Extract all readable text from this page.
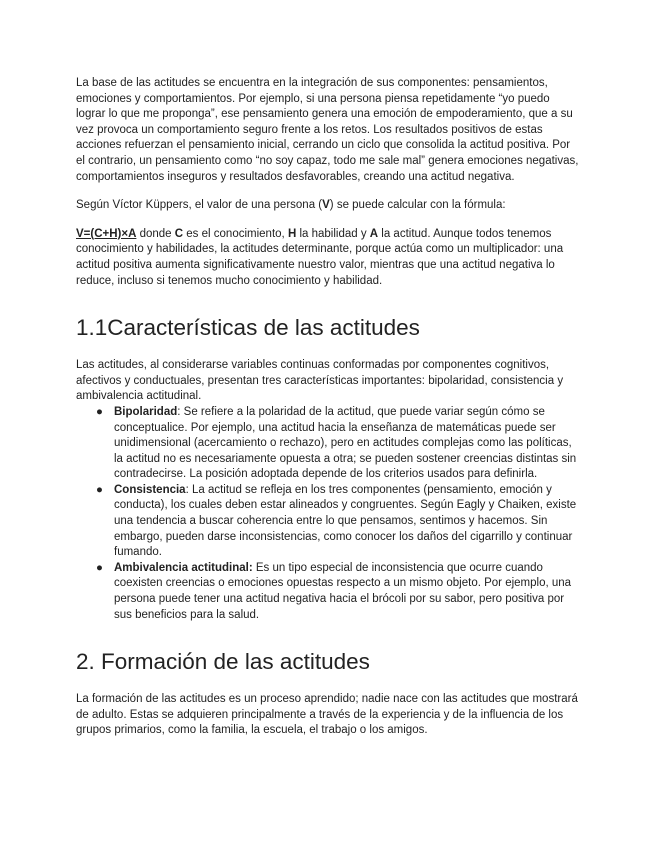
La base de las actitudes se encuentra en la integración de sus componentes: pensamientos, emociones y comportamientos. Por ejemplo, si una persona piensa repetidamente “yo puedo lograr lo que me proponga”, ese pensamiento genera una emoción de empoderamiento, que a su vez provoca un comportamiento seguro frente a los retos. Los resultados positivos de estas acciones refuerzan el pensamiento inicial, cerrando un ciclo que consolida la actitud positiva. Por el contrario, un pensamiento como “no soy capaz, todo me sale mal” genera emociones negativas, comportamientos inseguros y resultados desfavorables, creando una actitud negativa.

Según Víctor Küppers, el valor de una persona (V) se puede calcular con la fórmula:

V=(C+H)×A donde C es el conocimiento, H la habilidad y A la actitud. Aunque todos tenemos conocimiento y habilidades, la actitudes determinante, porque actúa como un multiplicador: una actitud positiva aumenta significativamente nuestro valor, mientras que una actitud negativa lo reduce, incluso si tenemos mucho conocimiento y habilidad.

1.1Características de las actitudes

Las actitudes, al considerarse variables continuas conformadas por componentes cognitivos, afectivos y conductuales, presentan tres características importantes: bipolaridad, consistencia y ambivalencia actitudinal.

● Bipolaridad: Se refiere a la polaridad de la actitud, que puede variar según cómo se conceptualice. Por ejemplo, una actitud hacia la enseñanza de matemáticas puede ser unidimensional (acercamiento o rechazo), pero en actitudes complejas como las políticas, la actitud no es necesariamente opuesta a otra; se pueden sostener creencias distintas sin contradecirse. La posición adoptada depende de los criterios usados para definirla.
● Consistencia: La actitud se refleja en los tres componentes (pensamiento, emoción y conducta), los cuales deben estar alineados y congruentes. Según Eagly y Chaiken, existe una tendencia a buscar coherencia entre lo que pensamos, sentimos y hacemos. Sin embargo, pueden darse inconsistencias, como conocer los daños del cigarrillo y continuar fumando.
● Ambivalencia actitudinal: Es un tipo especial de inconsistencia que ocurre cuando coexisten creencias o emociones opuestas respecto a un mismo objeto. Por ejemplo, una persona puede tener una actitud negativa hacia el brócoli por su sabor, pero positiva por sus beneficios para la salud.
2. Formación de las actitudes

La formación de las actitudes es un proceso aprendido; nadie nace con las actitudes que mostrará de adulto. Estas se adquieren principalmente a través de la experiencia y de la influencia de los grupos primarios, como la familia, la escuela, el trabajo o los amigos.
